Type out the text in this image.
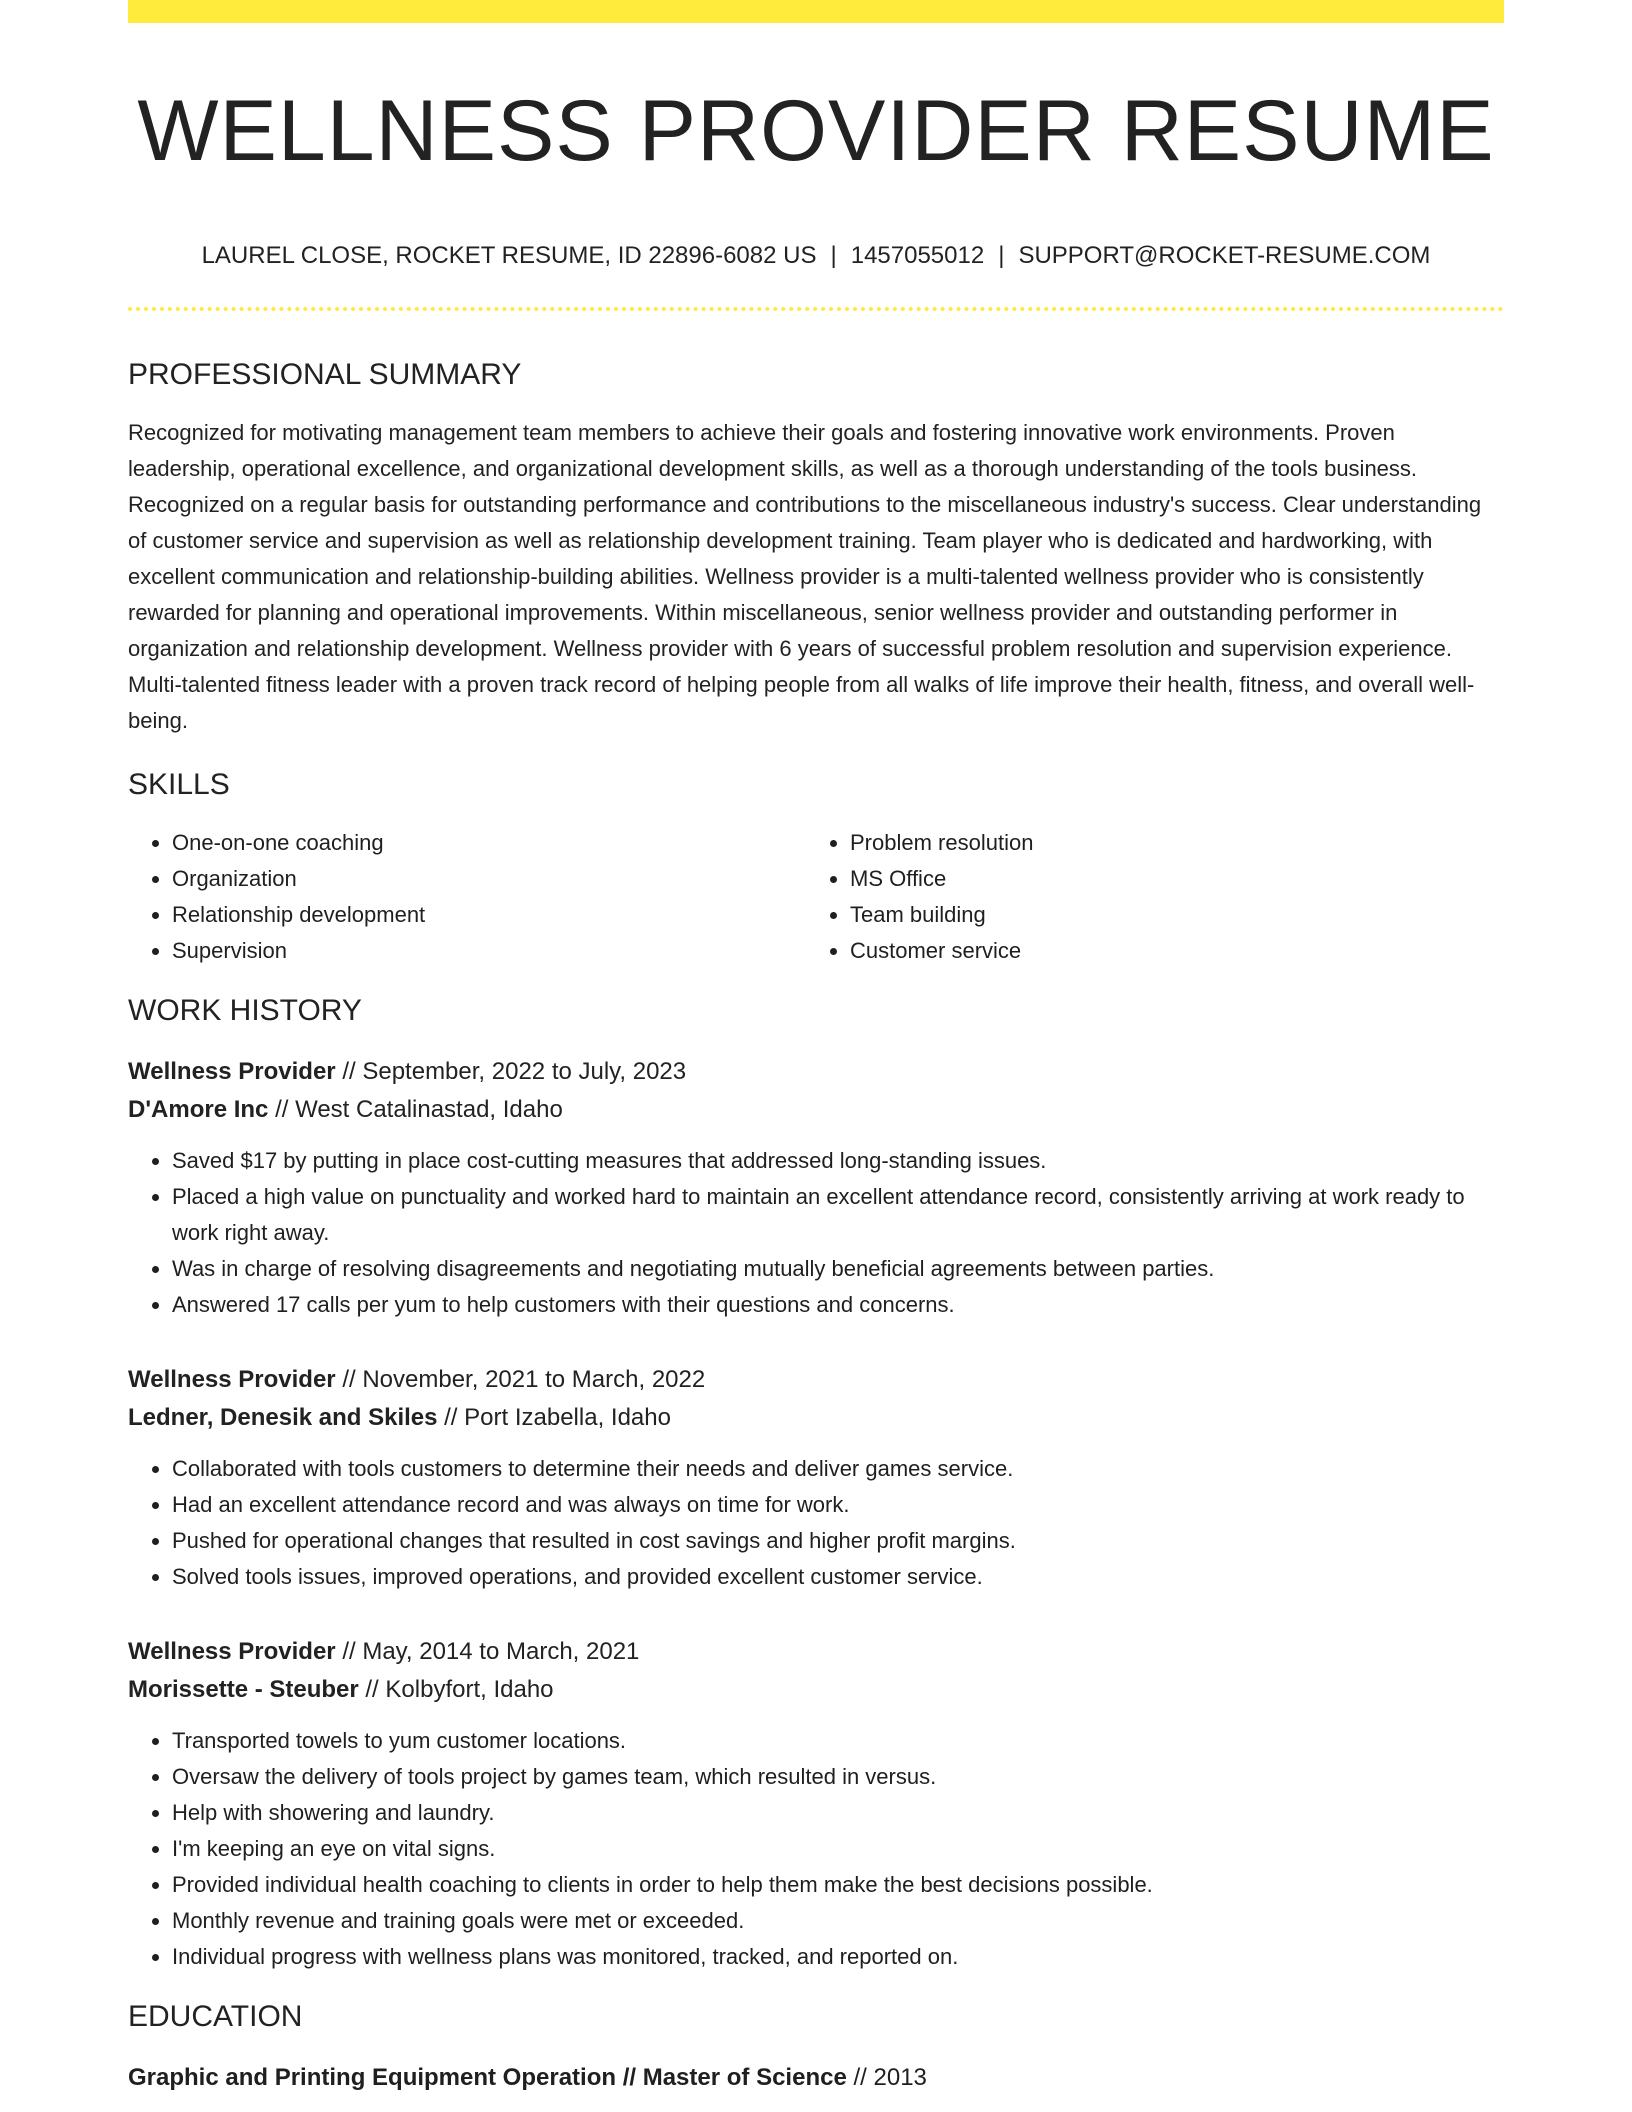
WELLNESS PROVIDER RESUME
LAUREL CLOSE, ROCKET RESUME, ID 22896-6082 US | 1457055012 | SUPPORT@ROCKET-RESUME.COM
PROFESSIONAL SUMMARY
Recognized for motivating management team members to achieve their goals and fostering innovative work environments. Proven leadership, operational excellence, and organizational development skills, as well as a thorough understanding of the tools business. Recognized on a regular basis for outstanding performance and contributions to the miscellaneous industry's success. Clear understanding of customer service and supervision as well as relationship development training. Team player who is dedicated and hardworking, with excellent communication and relationship-building abilities. Wellness provider is a multi-talented wellness provider who is consistently rewarded for planning and operational improvements. Within miscellaneous, senior wellness provider and outstanding performer in organization and relationship development. Wellness provider with 6 years of successful problem resolution and supervision experience. Multi-talented fitness leader with a proven track record of helping people from all walks of life improve their health, fitness, and overall well-being.
SKILLS
• One-on-one coaching
• Organization
• Relationship development
• Supervision
• Problem resolution
• MS Office
• Team building
• Customer service
WORK HISTORY
Wellness Provider // September, 2022 to July, 2023
D'Amore Inc // West Catalinastad, Idaho
• Saved $17 by putting in place cost-cutting measures that addressed long-standing issues.
• Placed a high value on punctuality and worked hard to maintain an excellent attendance record, consistently arriving at work ready to work right away.
• Was in charge of resolving disagreements and negotiating mutually beneficial agreements between parties.
• Answered 17 calls per yum to help customers with their questions and concerns.
Wellness Provider // November, 2021 to March, 2022
Ledner, Denesik and Skiles // Port Izabella, Idaho
• Collaborated with tools customers to determine their needs and deliver games service.
• Had an excellent attendance record and was always on time for work.
• Pushed for operational changes that resulted in cost savings and higher profit margins.
• Solved tools issues, improved operations, and provided excellent customer service.
Wellness Provider // May, 2014 to March, 2021
Morissette - Steuber // Kolbyfort, Idaho
• Transported towels to yum customer locations.
• Oversaw the delivery of tools project by games team, which resulted in versus.
• Help with showering and laundry.
• I'm keeping an eye on vital signs.
• Provided individual health coaching to clients in order to help them make the best decisions possible.
• Monthly revenue and training goals were met or exceeded.
• Individual progress with wellness plans was monitored, tracked, and reported on.
EDUCATION
Graphic and Printing Equipment Operation // Master of Science // 2013
